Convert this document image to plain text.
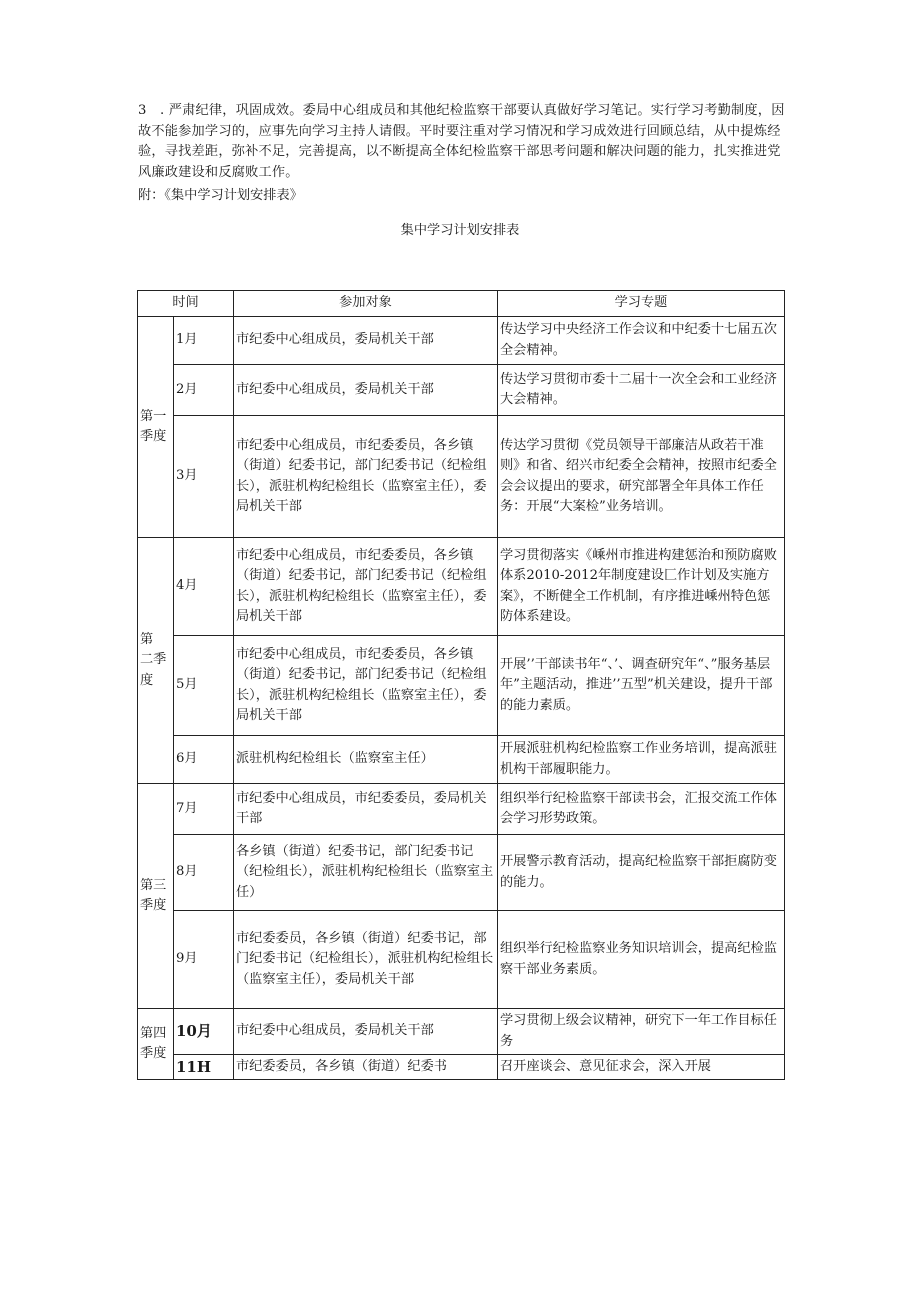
3　. 严肃纪律，巩固成效。委局中心组成员和其他纪检监察干部要认真做好学习笔记。实行学习考勤制度，因故不能参加学习的，应事先向学习主持人请假。平时要注重对学习情况和学习成效进行回顾总结，从中提炼经验，寻找差距，弥补不足，完善提高，以不断提高全体纪检监察干部思考问题和解决问题的能力，扎实推进党风廉政建设和反腐败工作。
附：《集中学习计划安排表》
集中学习计划安排表
时间		参加对象	学习专题
第一季度	1月	市纪委中心组成员，委局机关干部	传达学习中央经济工作会议和中纪委十七届五次全会精神。
	2月	市纪委中心组成员，委局机关干部	传达学习贯彻市委十二届十一次全会和工业经济大会精神。
	3月	市纪委中心组成员，市纪委委员，各乡镇（街道）纪委书记，部门纪委书记（纪检组长），派驻机构纪检组长（监察室主任），委局机关干部	传达学习贯彻《党员领导干部廉洁从政若干准则》和省、绍兴市纪委全会精神，按照市纪委全会会议提出的要求，研究部署全年具体工作任务：开展“大案检”业务培训。
第　二季度	4月	市纪委中心组成员，市纪委委员，各乡镇（街道）纪委书记，部门纪委书记（纪检组长），派驻机构纪检组长（监察室主任），委局机关干部	学习贯彻落实《嵊州市推进构建惩治和预防腐败体系2010-2012年制度建设匚作计划及实施方案》，不断健全工作机制，有序推进嵊州特色惩防体系建设。
	5月	市纪委中心组成员，市纪委委员，各乡镇（街道）纪委书记，部门纪委书记（纪检组长），派驻机构纪检组长（监察室主任），委局机关干部	开展’’干部读书年“、’、调查研究年“、”服务基层年”主题活动，推进’’五型”机关建设，提升干部的能力素质。
	6月	派驻机构纪检组长（监察室主任）	开展派驻机构纪检监察工作业务培训，提高派驻机构干部履职能力。
第三季度	7月	市纪委中心组成员，市纪委委员，委局机关干部	组织举行纪检监察干部读书会，汇报交流工作体会学习形势政策。
	8月	各乡镇（街道）纪委书记，部门纪委书记（纪检组长），派驻机构纪检组长（监察室主任）	开展警示教育活动，提高纪检监察干部拒腐防变的能力。
	9月	市纪委委员，各乡镇（街道）纪委书记，部门纪委书记（纪检组长），派驻机构纪检组长（监察室主任），委局机关干部	组织举行纪检监察业务知识培训会，提高纪检监察干部业务素质。
第四季度	10月	市纪委中心组成员，委局机关干部	学习贯彻上级会议精神，研究下一年工作目标任务
	11H	市纪委委员，各乡镇（街道）纪委书	召开座谈会、意见征求会，深入开展
